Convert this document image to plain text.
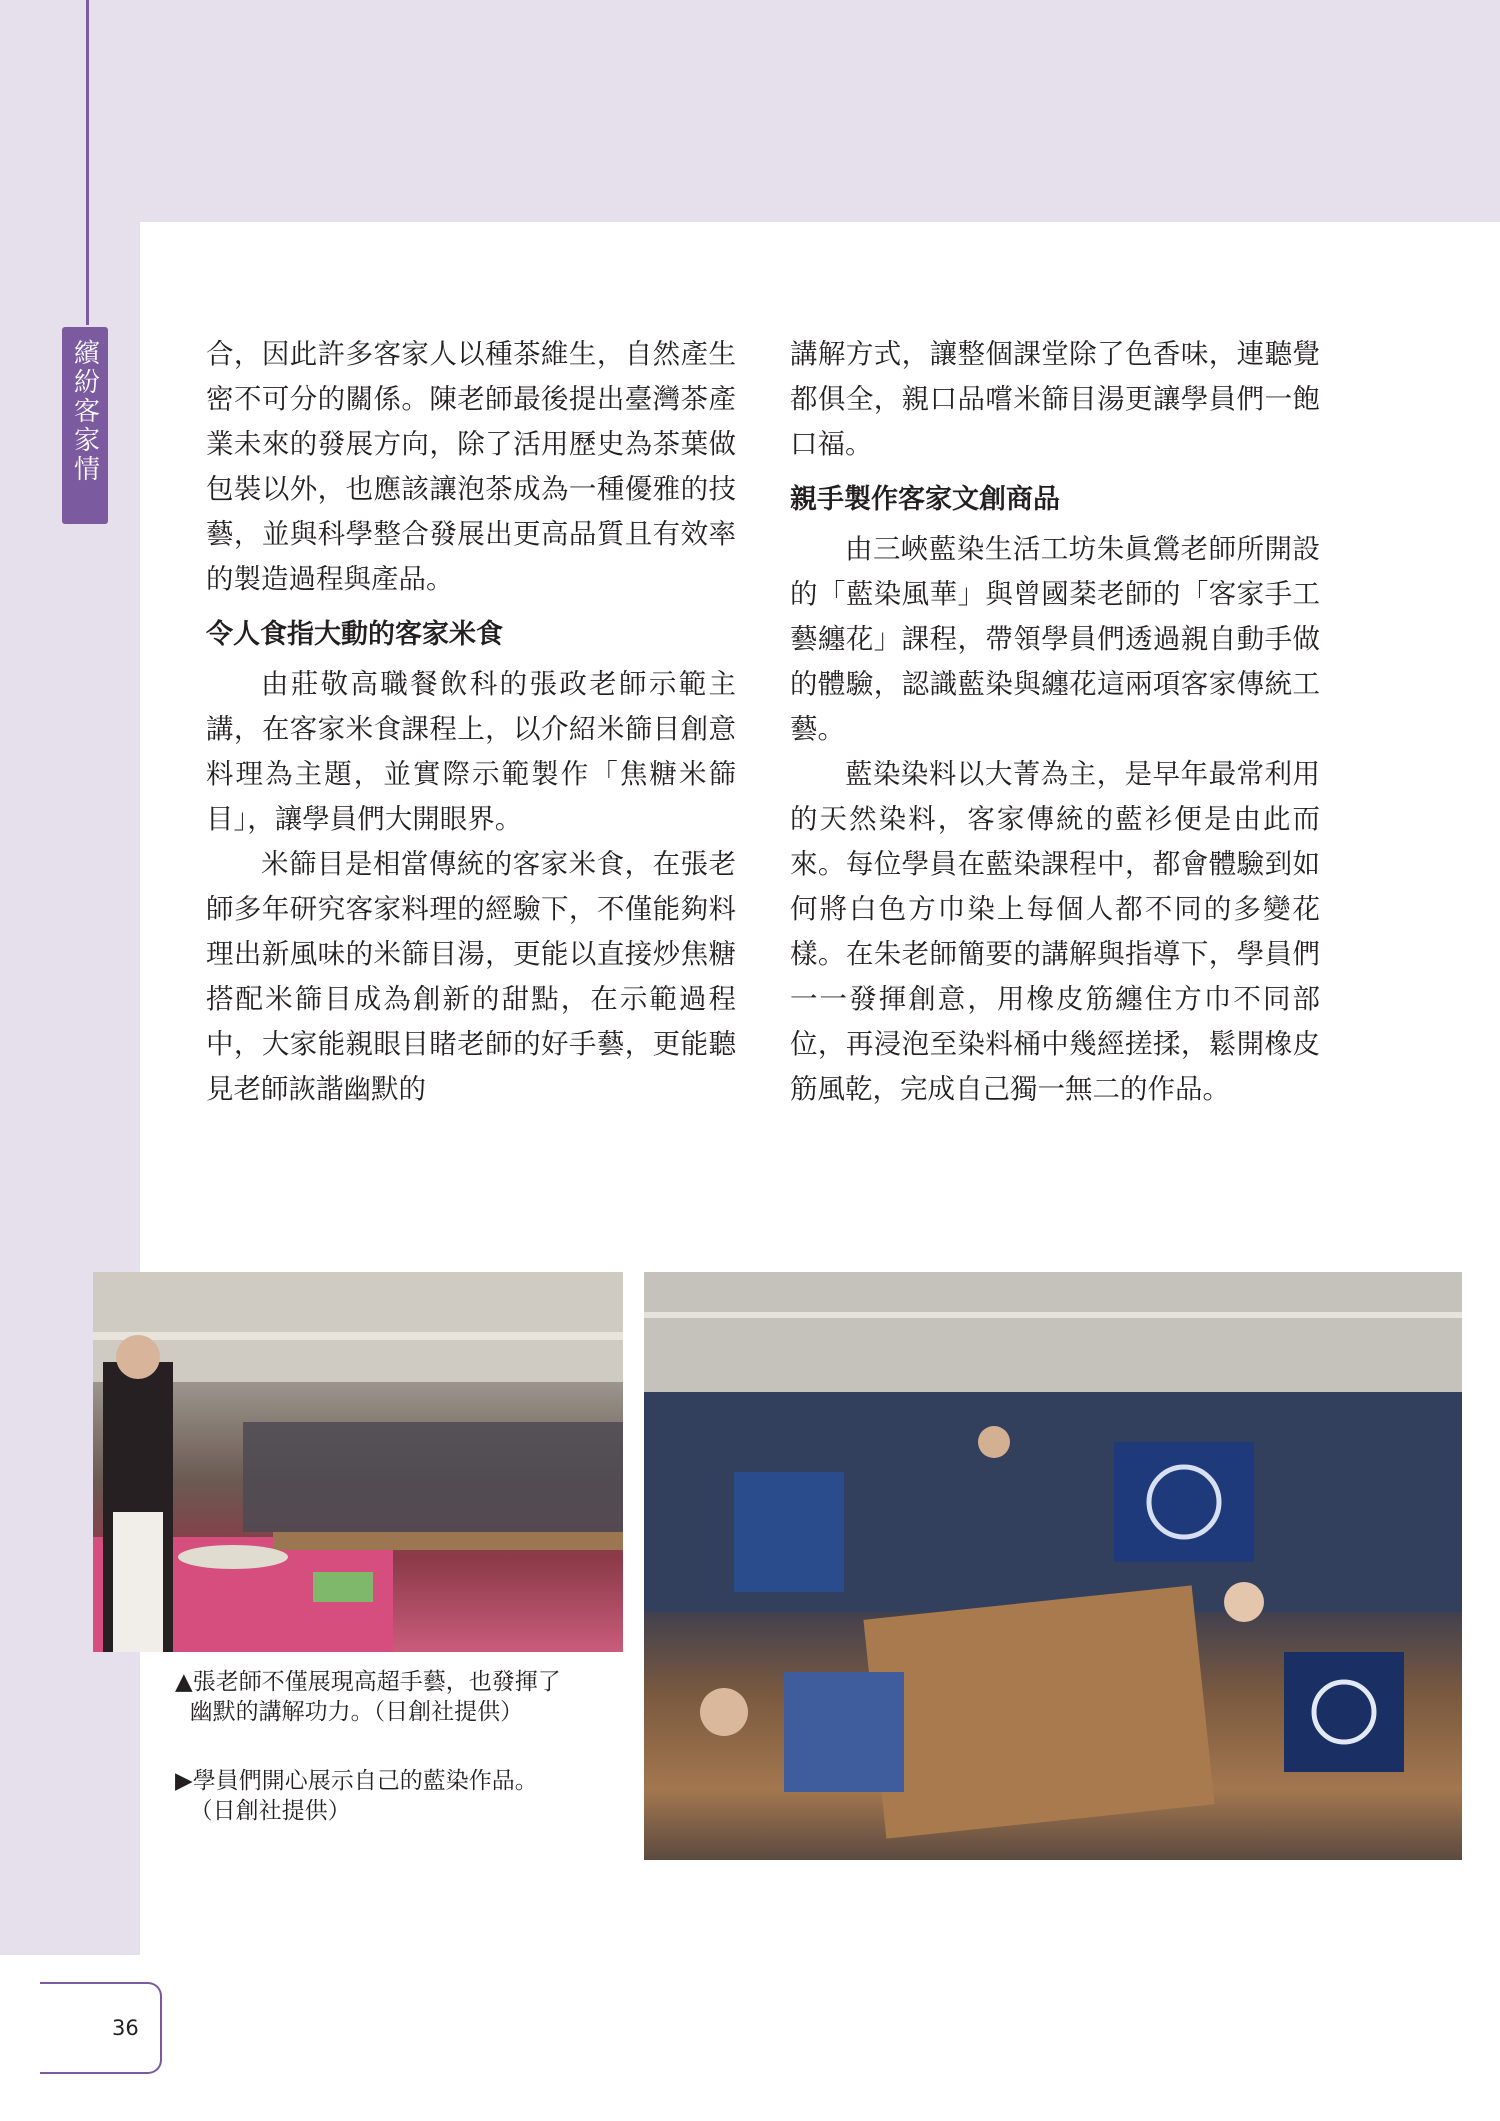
繽紛客家情	合，因此許多客家人以種茶維生，自然產生密不可分的關係。陳老師最後提出臺灣茶產業未來的發展方向，除了活用歷史為茶葉做包裝以外，也應該讓泡茶成為一種優雅的技藝，並與科學整合發展出更高品質且有效率的製造過程與產品。

令人食指大動的客家米食

由莊敬高職餐飲科的張政老師示範主講，在客家米食課程上，以介紹米篩目創意料理為主題，並實際示範製作「焦糖米篩目」，讓學員們大開眼界。

米篩目是相當傳統的客家米食，在張老師多年研究客家料理的經驗下，不僅能夠料理出新風味的米篩目湯，更能以直接炒焦糖搭配米篩目成為創新的甜點，在示範過程中，大家能親眼目睹老師的好手藝，更能聽見老師詼諧幽默的

講解方式，讓整個課堂除了色香味，連聽覺都俱全，親口品嚐米篩目湯更讓學員們一飽口福。

親手製作客家文創商品

由三峽藍染生活工坊朱眞鶯老師所開設的「藍染風華」與曾國棻老師的「客家手工藝纏花」課程，帶領學員們透過親自動手做的體驗，認識藍染與纏花這兩項客家傳統工藝。

藍染染料以大菁為主，是早年最常利用的天然染料，客家傳統的藍衫便是由此而來。每位學員在藍染課程中，都會體驗到如何將白色方巾染上每個人都不同的多變花樣。在朱老師簡要的講解與指導下，學員們一一發揮創意，用橡皮筋纏住方巾不同部位，再浸泡至染料桶中幾經搓揉，鬆開橡皮筋風乾，完成自己獨一無二的作品。

▲張老師不僅展現高超手藝，也發揮了
幽默的講解功力。（日創社提供）
▶學員們開心展示自己的藍染作品。
（日創社提供）
36
